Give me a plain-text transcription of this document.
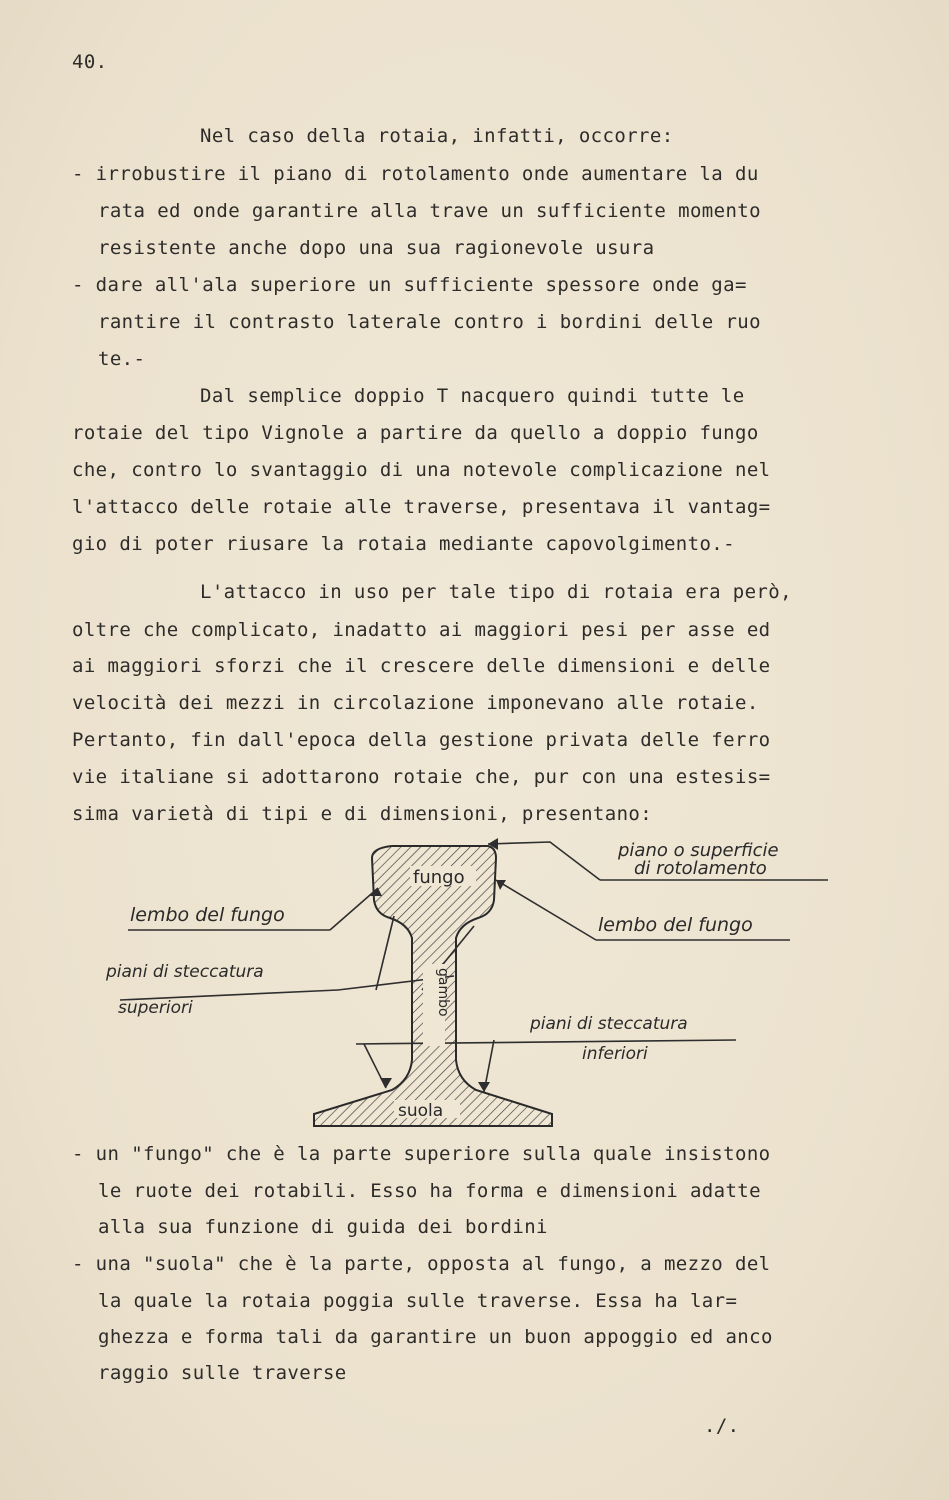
40.
Nel caso della rotaia, infatti, occorre:
- irrobustire il piano di rotolamento onde aumentare la du
rata ed onde garantire alla trave un sufficiente momento
resistente anche dopo una sua ragionevole usura
- dare all'ala superiore un sufficiente spessore onde ga=
rantire il contrasto laterale contro i bordini delle ruo
te.-
Dal semplice doppio T nacquero quindi tutte le
rotaie del tipo Vignole a partire da quello a doppio fungo
che, contro lo svantaggio di una notevole complicazione nel
l'attacco delle rotaie alle traverse, presentava il vantag=
gio di poter riusare la rotaia mediante capovolgimento.-
L'attacco in uso per tale tipo di rotaia era però,
oltre che complicato, inadatto ai maggiori pesi per asse ed
ai maggiori sforzi che il crescere delle dimensioni e delle
velocità dei mezzi in circolazione imponevano alle rotaie.
Pertanto, fin dall'epoca della gestione privata delle ferro
vie italiane si adottarono rotaie che, pur con una estesis=
sima varietà di tipi e di dimensioni, presentano:
fungo
suola
gambo
piano o superficie
di rotolamento
lembo del fungo	lembo del fungo
piani di steccatura
superiori
piani di steccatura
inferiori
- un "fungo" che è la parte superiore sulla quale insistono
le ruote dei rotabili. Esso ha forma e dimensioni adatte
alla sua funzione di guida dei bordini
- una "suola" che è la parte, opposta al fungo, a mezzo del
la quale la rotaia poggia sulle traverse. Essa ha lar=
ghezza e forma tali da garantire un buon appoggio ed anco
raggio sulle traverse
./.
